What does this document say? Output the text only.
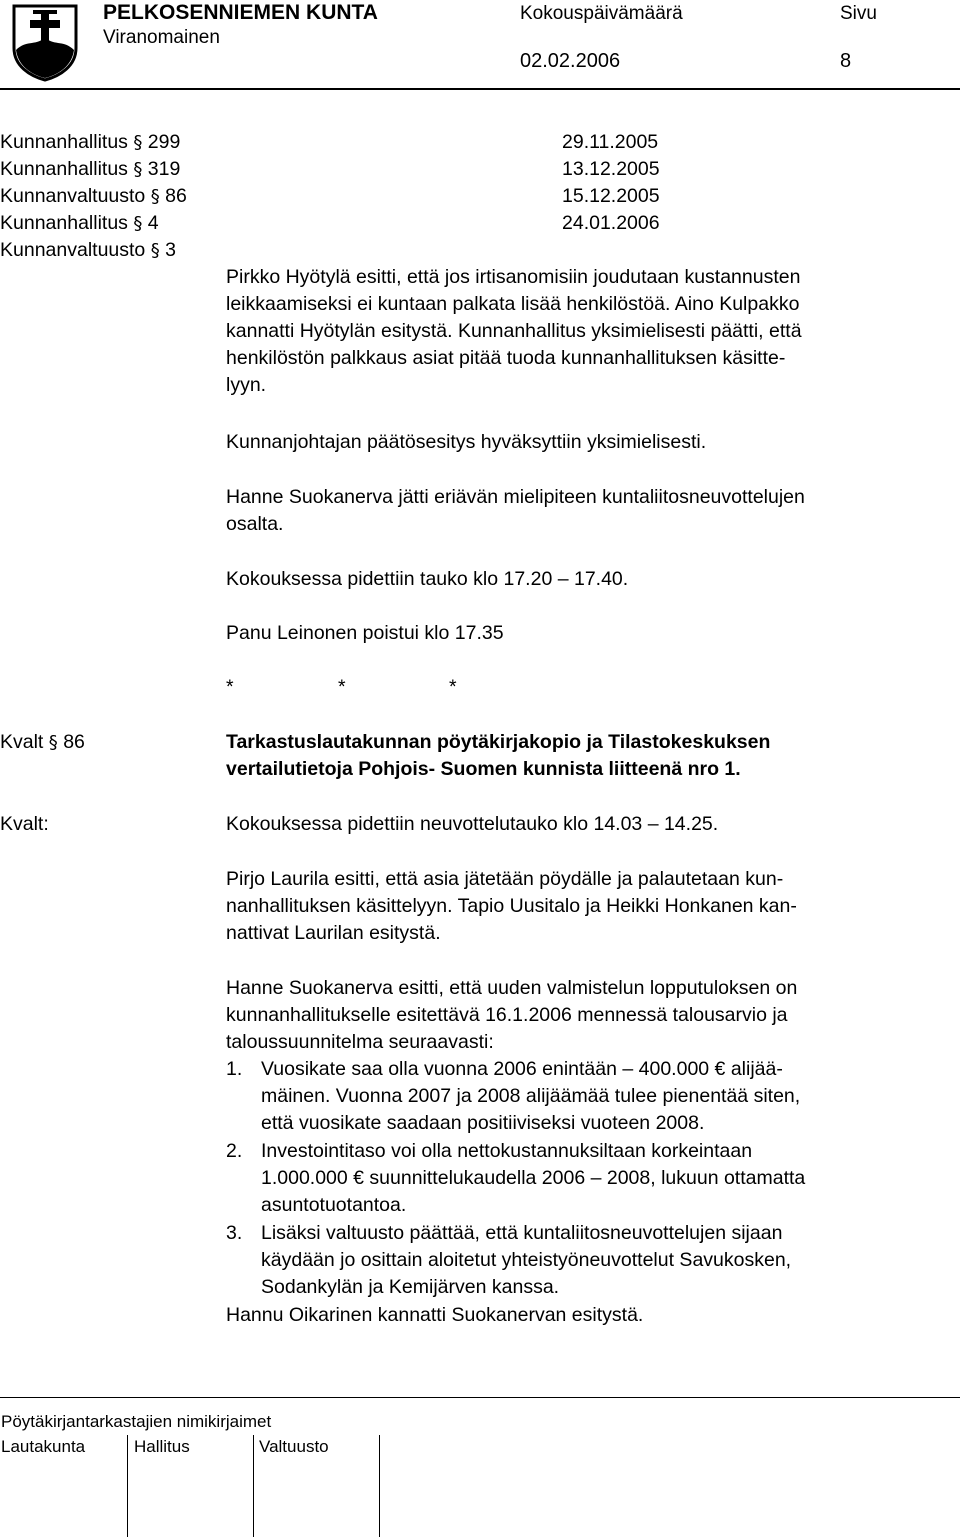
PELKOSENNIEMEN KUNTA
Viranomainen
Kokouspäivämäärä
02.02.2006
Sivu
8
Kunnanhallitus § 299	29.11.2005
Kunnanhallitus § 319	13.12.2005
Kunnanvaltuusto § 86	15.12.2005
Kunnanhallitus § 4	24.01.2006
Kunnanvaltuusto § 3
Pirkko Hyötylä esitti, että jos irtisanomisiin joudutaan kustannusten
leikkaamiseksi ei kuntaan palkata lisää henkilöstöä. Aino Kulpakko
kannatti Hyötylän esitystä. Kunnanhallitus yksimielisesti päätti, että
henkilöstön palkkaus asiat pitää tuoda kunnanhallituksen käsitte-
lyyn.
Kunnanjohtajan päätösesitys hyväksyttiin yksimielisesti.
Hanne Suokanerva jätti eriävän mielipiteen kuntaliitosneuvottelujen
osalta.
Kokouksessa pidettiin tauko klo 17.20 – 17.40.
Panu Leinonen poistui klo 17.35
*	*	*
Kvalt § 86	Tarkastuslautakunnan pöytäkirjakopio ja Tilastokeskuksen
vertailutietoja Pohjois- Suomen kunnista liitteenä nro 1.
Kvalt:	Kokouksessa pidettiin neuvottelutauko klo 14.03 – 14.25.
Pirjo Laurila esitti, että asia jätetään pöydälle ja palautetaan kun-
nanhallituksen käsittelyyn. Tapio Uusitalo ja Heikki Honkanen kan-
nattivat Laurilan esitystä.
Hanne Suokanerva esitti, että uuden valmistelun lopputuloksen on
kunnanhallitukselle esitettävä 16.1.2006 mennessä talousarvio ja
taloussuunnitelma seuraavasti:
1. Vuosikate saa olla vuonna 2006 enintään – 400.000 € alijää-
mäinen. Vuonna 2007 ja 2008 alijäämää tulee pienentää siten,
että vuosikate saadaan positiiviseksi vuoteen 2008.
2. Investointitaso voi olla nettokustannuksiltaan korkeintaan
1.000.000 € suunnittelukaudella 2006 – 2008, lukuun ottamatta
asuntotuotantoa.
3. Lisäksi valtuusto päättää, että kuntaliitosneuvottelujen sijaan
käydään jo osittain aloitetut yhteistyöneuvottelut Savukosken,
Sodankylän ja Kemijärven kanssa.
Hannu Oikarinen kannatti Suokanervan esitystä.
Pöytäkirjantarkastajien nimikirjaimet
Lautakunta	Hallitus	Valtuusto
